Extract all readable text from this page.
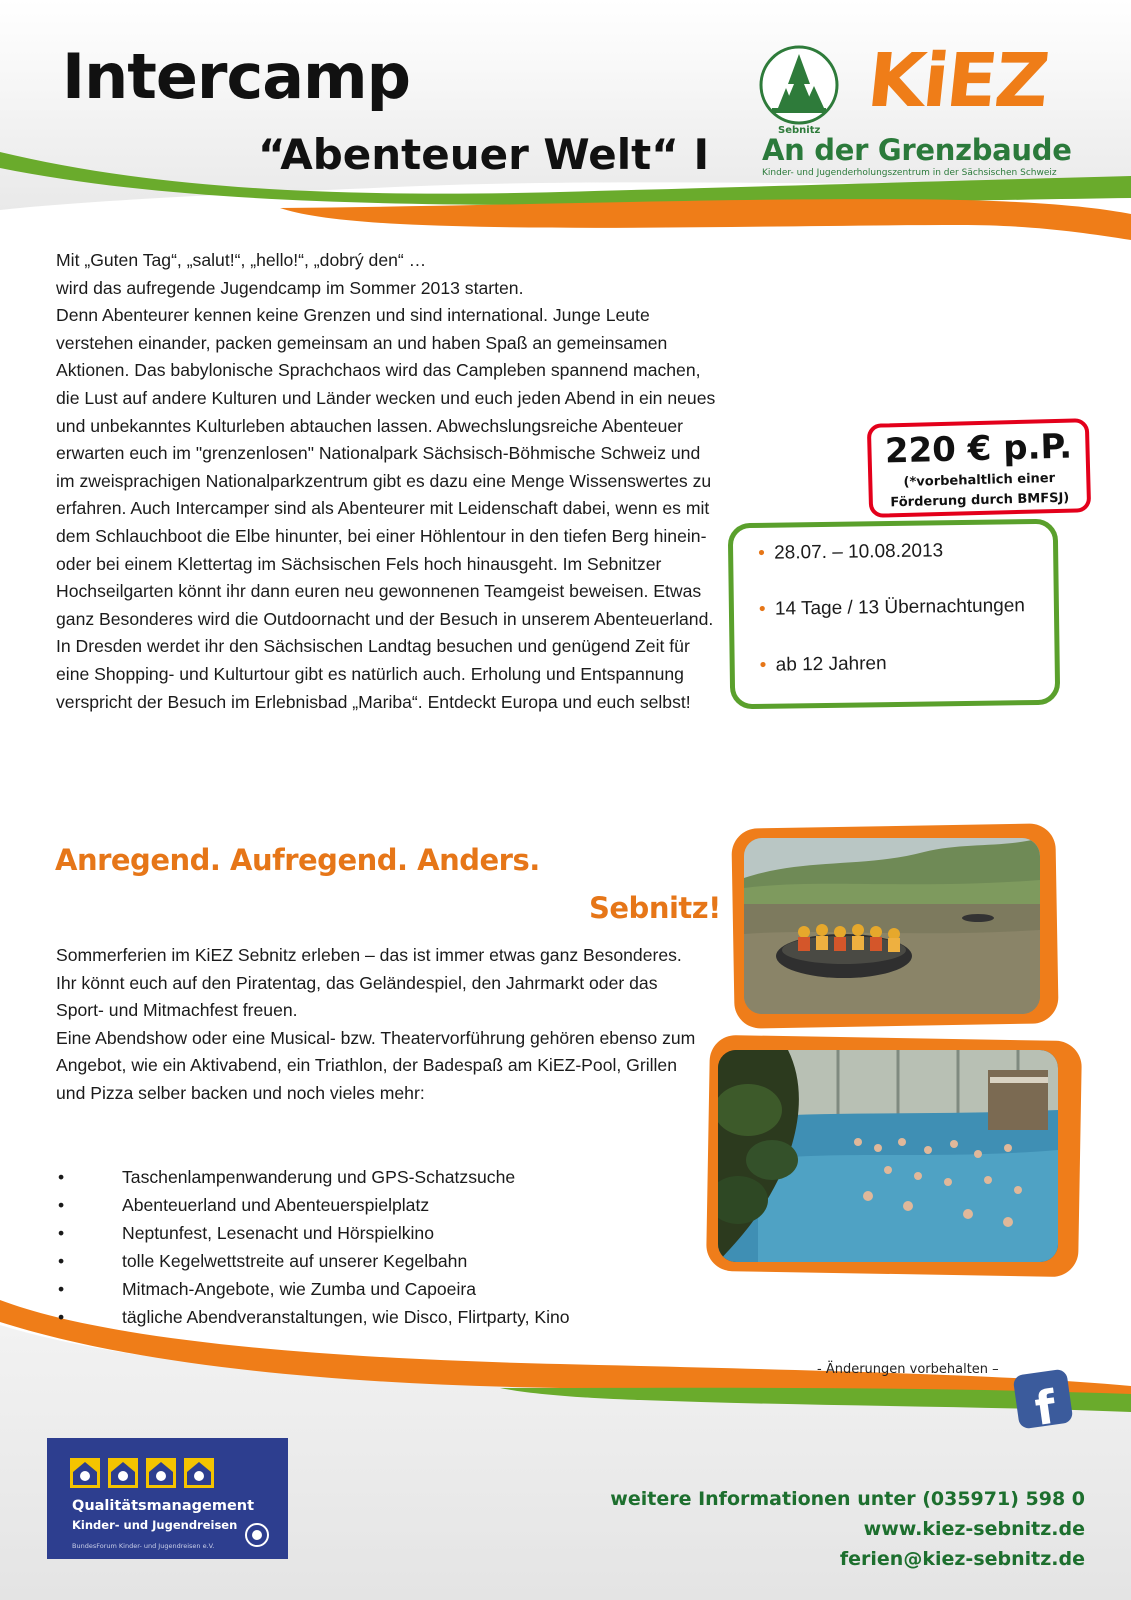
Intercamp
“Abenteuer Welt“ I
KiEZ
Sebnitz
An der Grenzbaude
Kinder- und Jugenderholungszentrum in der Sächsischen Schweiz

Mit „Guten Tag“, „salut!“, „hello!“, „dobrý den“ …

wird das aufregende Jugendcamp im Sommer 2013 starten.

Denn Abenteurer kennen keine Grenzen und sind international. Junge Leute verstehen einander, packen gemeinsam an und haben Spaß an gemeinsamen Aktionen. Das babylonische Sprachchaos wird das Campleben spannend machen, die Lust auf andere Kulturen und Länder wecken und euch jeden Abend in ein neues und unbekanntes Kulturleben abtauchen lassen. Abwechslungsreiche Abenteuer erwarten euch im "grenzenlosen" Nationalpark Sächsisch-Böhmische Schweiz und im zweisprachigen Nationalparkzentrum gibt es dazu eine Menge Wissenswertes zu erfahren. Auch Intercamper sind als Abenteurer mit Leidenschaft dabei, wenn es mit dem Schlauchboot die Elbe hinunter, bei einer Höhlentour in den tiefen Berg hinein- oder bei einem Klettertag im Sächsischen Fels hoch hinausgeht. Im Sebnitzer Hochseilgarten könnt ihr dann euren neu gewonnenen Teamgeist beweisen. Etwas ganz Besonderes wird die Outdoornacht und der Besuch in unserem Abenteuerland. In Dresden werdet ihr den Sächsischen Landtag besuchen und genügend Zeit für eine Shopping- und Kulturtour gibt es natürlich auch. Erholung und Entspannung verspricht der Besuch im Erlebnisbad „Mariba“. Entdeckt Europa und euch selbst!

220 € p.P.
(*vorbehaltlich einer
Förderung durch BMFSJ)
• 28.07. – 10.08.2013
• 14 Tage / 13 Übernachtungen
• ab 12 Jahren
Anregend. Aufregend. Anders.
Sebnitz!

Sommerferien im KiEZ Sebnitz erleben – das ist immer etwas ganz Besonderes. Ihr könnt euch auf den Piratentag, das Geländespiel, den Jahrmarkt oder das Sport- und Mitmachfest freuen.

Eine Abendshow oder eine Musical- bzw. Theatervorführung gehören ebenso zum Angebot, wie ein Aktivabend, ein Triathlon, der Badespaß am KiEZ-Pool, Grillen und Pizza selber backen und noch vieles mehr:

• Taschenlampenwanderung und GPS-Schatzsuche
• Abenteuerland und Abenteuerspielplatz
• Neptunfest, Lesenacht und Hörspielkino
• tolle Kegelwettstreite auf unserer Kegelbahn
• Mitmach-Angebote, wie Zumba und Capoeira
• tägliche Abendveranstaltungen, wie Disco, Flirtparty, Kino
- Änderungen vorbehalten –
f
weitere Informationen unter (035971) 598 0
www.kiez-sebnitz.de
ferien@kiez-sebnitz.de
Qualitätsmanagement
Kinder- und Jugendreisen
BundesForum Kinder- und Jugendreisen e.V.
